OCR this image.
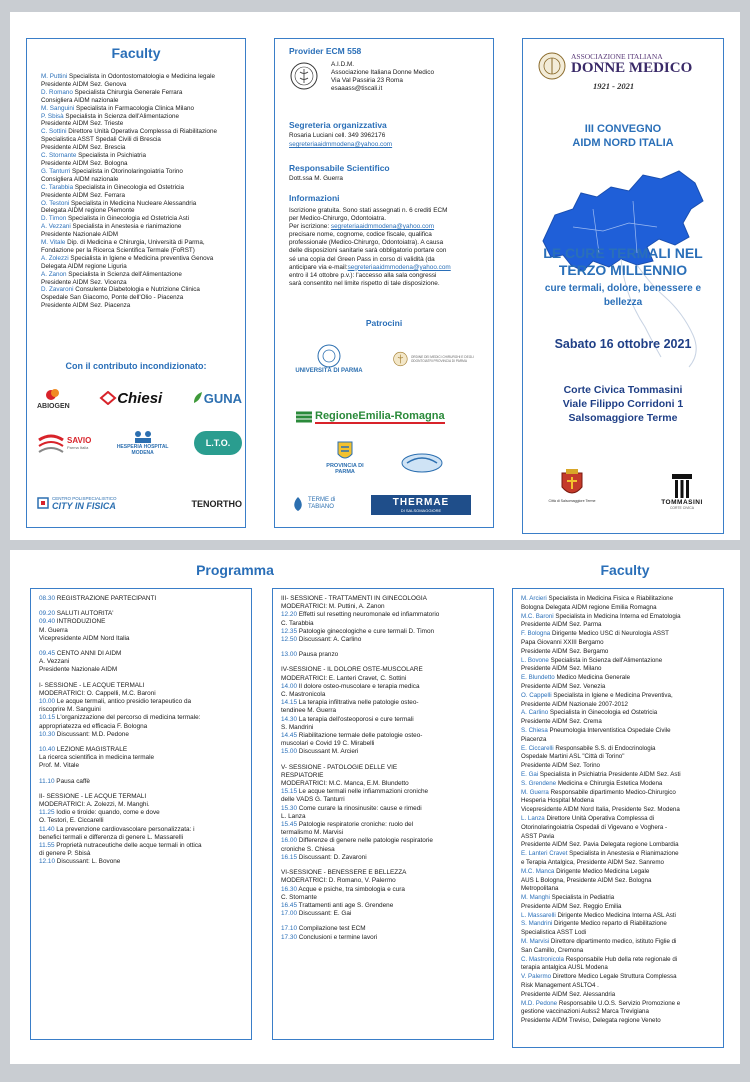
Faculty
M. Puttini Specialista in Odontostomatologia e Medicina legale
Presidente AIDM Sez. Genova
D. Romano Specialista Chirurgia Generale Ferrara
Consigliera AIDM nazionale
M. Sanguini Specialista in Farmacologia Clinica Milano
P. Sbisà Specialista in Scienza dell'Alimentazione
Presidente AIDM Sez. Trieste
C. Sottini Direttore Unità Operativa Complessa di Riabilitazione
Specialistica ASST Spedali Civili di Brescia
Presidente AIDM Sez. Brescia
C. Stornante Specialista in Psichiatria
Presidente AIDM Sez. Bologna
G. Tanturri Specialista in Otorinolaringoiatria Torino
Consigliera AIDM nazionale
C. Tarabbia Specialista in Ginecologia ed Ostetricia
Presidente AIDM Sez. Ferrara
O. Testoni Specialista in Medicina Nucleare Alessandria
Delegata AIDM regione Piemonte
D. Timon Specialista in Ginecologia ed Ostetricia Asti
A. Vezzani Specialista in Anestesia e rianimazione
Presidente Nazionale AIDM
M. Vitale Dip. di Medicina e Chirurgia, Università di Parma,
Fondazione per la Ricerca Scientifica Termale (FoRST)
A. Zolezzi Specialista in Igiene e Medicina preventiva Genova
Delegata AIDM regione Liguria
A. Zanon Specialista in Scienza dell'Alimentazione
Presidente AIDM Sez. Vicenza
D. Zavaroni Consulente Diabetologia e Nutrizione Clinica
Ospedale San Giacomo, Ponte dell'Olio - Piacenza
Presidente AIDM Sez. Piacenza
Con il contributo incondizionato:
ABIOGEN	Chiesi	GUNA
SAVIO
Parma Italia	HESPERIA HOSPITAL MODENA
L.T.O.
CENTRO POLISPECIALISTICO
CITY IN FISICA	TENORTHO
Provider ECM 558
A.I.D.M.
Associazione Italiana Donne Medico
Via Val Passiria 23 Roma
esaaass@tiscali.it
Segreteria organizzativa
Rosaria Luciani cell. 349 3962176
segreteriaaidmmodena@yahoo.com
Responsabile Scientifico
Dott.ssa M. Guerra
Informazioni
Iscrizione gratuita. Sono stati assegnati n. 6 crediti ECM
per Medico-Chirurgo, Odontoiatra.
Per iscrizione: segreteriaaidmmodena@yahoo.com
precisare nome, cognome, codice fiscale, qualifica
professionale (Medico-Chirurgo, Odontoiatra). A causa
delle disposizioni sanitarie sarà obbligatorio portare con
sé una copia del Green Pass in corso di validità (da
anticipare via e-mail:segreteriaaidmmodena@yahoo.com
entro il 14 ottobre p.v.): l'accesso alla sala congressi
sarà consentito nel limite rispetto di tale disposizione.
Patrocini
UNIVERSITÀ DI PARMA
ORDINE DEI MEDICI CHIRURGHI E DEGLI ODONTOIATRI PROVINCIA DI PARMA
RegioneEmilia-Romagna
PROVINCIA DI PARMA
TERME di TABIANO	THERMAE
DI SALSOMAGGIORE
ASSOCIAZIONE ITALIANA
DONNE MEDICO
1921 - 2021
III CONVEGNO
AIDM NORD ITALIA
LE CURE TERMALI NEL
TERZO MILLENNIO
cure termali, dolore, benessere e
bellezza
Sabato 16 ottobre 2021
Corte Civica Tommasini
Viale Filippo Corridoni 1
Salsomaggiore Terme
Città di Salsomaggiore Terme	TOMMASINI
CORTE CIVICA
Programma	Faculty
08.30 REGISTRAZIONE PARTECIPANTI
09.20 SALUTI AUTORITA'
09.40 INTRODUZIONE
M. Guerra
Vicepresidente AIDM Nord Italia
09.45 CENTO ANNI DI AIDM
A. Vezzani
Presidente Nazionale AIDM
I- SESSIONE - LE ACQUE TERMALI
MODERATRICI: O. Cappelli, M.C. Baroni
10.00 Le acque termali, antico presidio terapeutico da
riscoprire M. Sanguini
10.15 L'organizzazione del percorso di medicina termale:
appropriatezza ed efficacia F. Bologna
10.30 Discussant: M.D. Pedone
10.40 LEZIONE MAGISTRALE
La ricerca scientifica in medicina termale
Prof. M. Vitale
11.10 Pausa caffè
II- SESSIONE - LE ACQUE TERMALI
MODERATRICI: A. Zolezzi, M. Manghi.
11.25 Iodio e tiroide: quando, come e dove
O. Testori, E. Ciccarelli
11.40 La prevenzione cardiovascolare personalizzata: i
benefici termali e differenza di genere L. Massarelli
11.55 Proprietà nutraceutiche delle acque termali in ottica
di genere P. Sbisà
12.10 Discussant: L. Bovone
III- SESSIONE - TRATTAMENTI IN GINECOLOGIA
MODERATRICI: M. Puttini, A. Zanon
12.20 Effetti sul resetting neuromonale ed infiammatorio
C. Tarabbia
12.35 Patologie ginecologiche e cure termali D. Timon
12.50 Discussant: A. Carlino
13.00 Pausa pranzo
IV-SESSIONE - IL DOLORE OSTE-MUSCOLARE
MODERATRICI: E. Lanteri Cravet, C. Sottini
14.00 Il dolore osteo-muscolare e terapia medica
C. Mastronicola
14.15 La terapia infiltrativa nelle patologie osteo-
tendinee M. Guerra
14.30 La terapia dell'osteoporosi e cure termali
S. Mandrini
14.45 Riabilitazione termale delle patologie osteo-
muscolari e Covid 19 C. Mirabelli
15.00 Discussant M. Arcieri
V- SESSIONE - PATOLOGIE DELLE VIE
RESPIATORIE
MODERATRICI: M.C. Manca, E.M. Blundetto
15.15 Le acque termali nelle infiammazioni croniche
delle VADS G. Tanturri
15.30 Come curare la rinosinusite: cause e rimedi
L. Lanza
15.45 Patologie respiratorie croniche: ruolo del
termalismo M. Marvisi
16.00 Differenze di genere nelle patologie respiratorie
croniche S. Chiesa
16.15 Discussant: D. Zavaroni
VI-SESSIONE - BENESSERE E BELLEZZA
MODERATRICI: D. Romano, V. Palermo
16.30 Acque e psiche, tra simbologia e cura
C. Stornante
16.45 Trattamenti anti age S. Grendene
17.00 Discussant: E. Gai
17.10 Compilazione test ECM
17.30 Conclusioni e termine lavori
M. Arcieri Specialista in Medicina Fisica e Riabilitazione
Bologna Delegata AIDM regione Emilia Romagna
M.C. Baroni Specialista in Medicina Interna ed Ematologia
Presidente AIDM Sez. Parma
F. Bologna Dirigente Medico USC di Neurologia ASST
Papa Giovanni XXIII Bergamo
Presidente AIDM Sez. Bergamo
L. Bovone Specialista in Scienza dell'Alimentazione
Presidente AIDM Sez. Milano
E. Blundetto Medico Medicina Generale
Presidente AIDM Sez. Venezia
O. Cappelli Specialista in Igiene e Medicina Preventiva,
Presidente AIDM Nazionale 2007-2012
A. Carlino Specialista in Ginecologia ed Ostetricia
Presidente AIDM Sez. Crema
S. Chiesa Pneumologia Interventistica Ospedale Civile
Piacenza
E. Ciccarelli Responsabile S.S. di Endocrinologia
Ospedale Martini ASL "Città di Torino"
Presidente AIDM Sez. Torino
E. Gai Specialista in Psichiatria Presidente AIDM Sez. Asti
S. Grendene Medicina e Chirurgia Estetica Modena
M. Guerra Responsabile dipartimento Medico-Chirurgico
Hesperia Hospital Modena
Vicepresidente AIDM Nord Italia, Presidente Sez. Modena
L. Lanza Direttore Unità Operativa Complessa di
Otorinolaringoiatria Ospedali di Vigevano e Voghera -
ASST Pavia
Presidente AIDM Sez. Pavia Delegata regione Lombardia
E. Lanteri Cravet Specialista in Anestesia e Rianimazione
e Terapia Antalgica, Presidente AIDM Sez. Sanremo
M.C. Manca Dirigente Medico Medicina Legale
AUS L Bologna, Presidente AIDM Sez. Bologna
Metropolitana
M. Manghi Specialista in Pediatria
Presidente AIDM Sez. Reggio Emilia
L. Massarelli Dirigente Medico Medicina Interna ASL Asti
S. Mandrini Dirigente Medico reparto di Riabilitazione
Specialistica ASST Lodi
M. Marvisi Direttore dipartimento medico, istituto Figlie di
San Camillo, Cremona
C. Mastronicola Responsabile Hub della rete regionale di
terapia antalgica AUSL Modena
V. Palermo Direttore Medico Legale Struttura Complessa
Risk Management ASLTO4 .
Presidente AIDM Sez. Alessandria
M.D. Pedone Responsabile U.O.S. Servizio Promozione e
gestione vaccinazioni Aulss2 Marca Trevigiana
Presidente AIDM Treviso, Delegata regione Veneto
